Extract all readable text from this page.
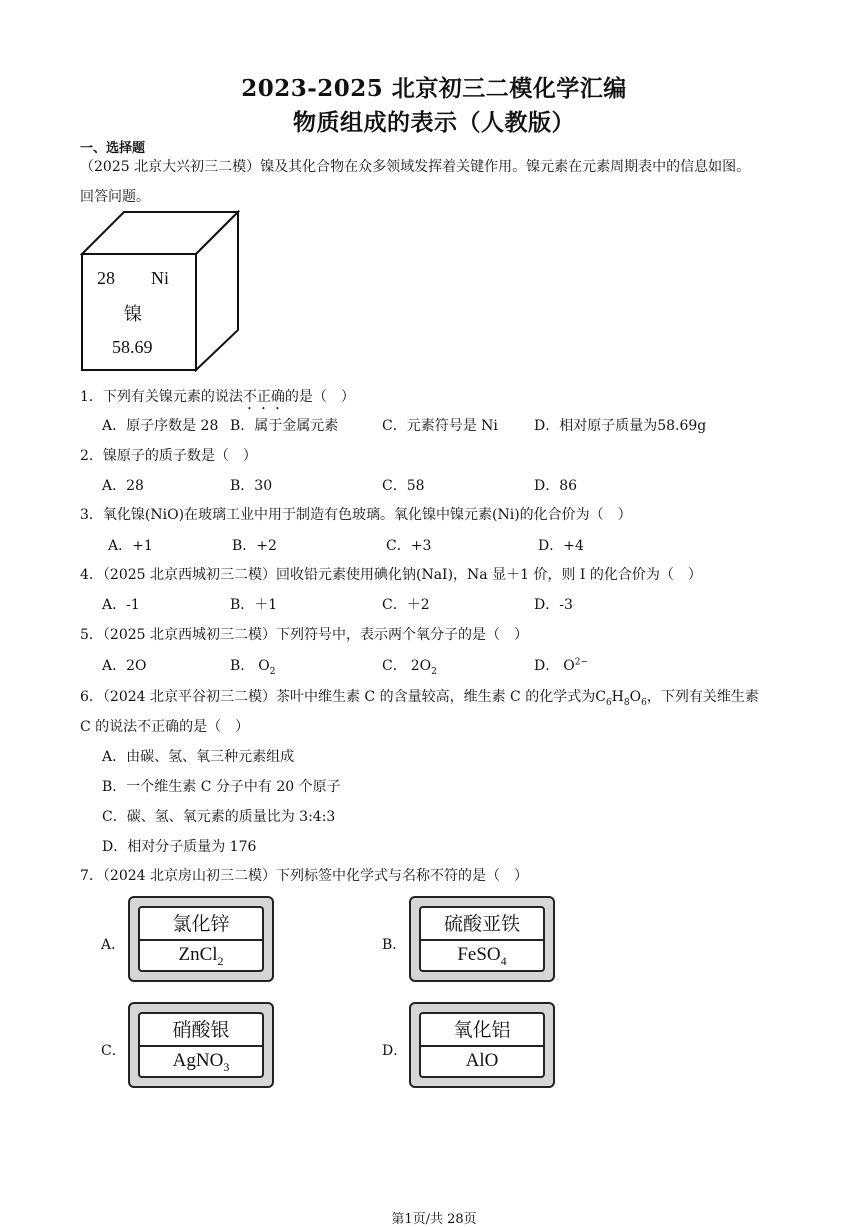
2023-2025 北京初三二模化学汇编
物质组成的表示（人教版）
一、选择题
（2025 北京大兴初三二模）镍及其化合物在众多领域发挥着关键作用。镍元素在元素周期表中的信息如图。
回答问题。
28 Ni
镍
58.69
1．下列有关镍元素的说法不正确的是（　）
A．原子序数是 28 B．属于金属元素	C．元素符号是 Ni	D．相对原子质量为58.69g
2．镍原子的质子数是（　）
A．28	B．30	C．58	D．86
3．氧化镍(NiO)在玻璃工业中用于制造有色玻璃。氧化镍中镍元素(Ni)的化合价为（　）
A．+1	B．+2	C．+3	D．+4
4．（2025 北京西城初三二模）回收铅元素使用碘化钠(NaI)，Na 显＋1 价，则 I 的化合价为（　）
A．-1	B．＋1	C．＋2	D．-3
5．（2025 北京西城初三二模）下列符号中，表示两个氧分子的是（　）
A．2O	B． $O_2$	C． $2O_2$	D． $O^{2-}$
6．（2024 北京平谷初三二模）茶叶中维生素 C 的含量较高，维生素 C 的化学式为$C_6H_8O_6$，下列有关维生素
C 的说法不正确的是（　）
A．由碳、氢、氧三种元素组成
B．一个维生素 C 分子中有 20 个原子
C．碳、氢、氧元素的质量比为 3:4:3
D．相对分子质量为 176
7．（2024 北京房山初三二模）下列标签中化学式与名称不符的是（　）
A．
氯化锌
ZnCl$_2$
B．
硫酸亚铁
FeSO$_4$
C．
硝酸银
AgNO$_3$
D．
氧化铝
AlO
第1页/共 28页
